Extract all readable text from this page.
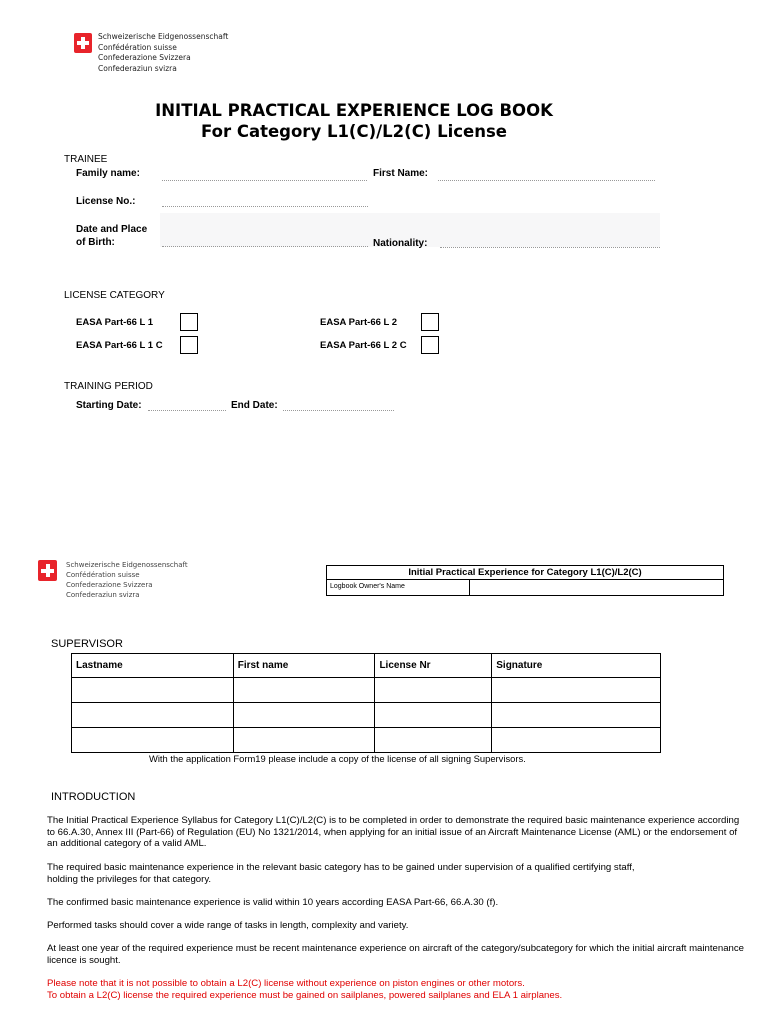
Schweizerische Eidgenossenschaft
Confédération suisse
Confederazione Svizzera
Confederaziun svizra
INITIAL PRACTICAL EXPERIENCE LOG BOOK
For Category L1(C)/L2(C) License
TRAINEE
Family name:	First Name:
License No.:
Date and Place
of Birth:	Nationality:
LICENSE CATEGORY
EASA Part-66 L 1	EASA Part-66 L 2
EASA Part-66 L 1 C	EASA Part-66 L 2 C
TRAINING PERIOD
Starting Date:	End Date:
Schweizerische Eidgenossenschaft
Confédération suisse
Confederazione Svizzera
Confederaziun svizra
Initial Practical Experience for Category L1(C)/L2(C)
Logbook Owner's Name
SUPERVISOR
Lastname	First name	License Nr	Signature

With the application Form19 please include a copy of the license of all signing Supervisors.
INTRODUCTION
The Initial Practical Experience Syllabus for Category L1(C)/L2(C) is to be completed in order to demonstrate the required basic maintenance experience according to 66.A.30, Annex III (Part-66) of Regulation (EU) No 1321/2014, when applying for an initial issue of an Aircraft Maintenance License (AML) or the endorsement of an additional category of a valid AML.
The required basic maintenance experience in the relevant basic category has to be gained under supervision of a qualified certifying staff,
holding the privileges for that category.
The confirmed basic maintenance experience is valid within 10 years according EASA Part-66, 66.A.30 (f).
Performed tasks should cover a wide range of tasks in length, complexity and variety.
At least one year of the required experience must be recent maintenance experience on aircraft of the category/subcategory for which the initial aircraft maintenance licence is sought.
Please note that it is not possible to obtain a L2(C) license without experience on piston engines or other motors.
To obtain a L2(C) license the required experience must be gained on sailplanes, powered sailplanes and ELA 1 airplanes.
